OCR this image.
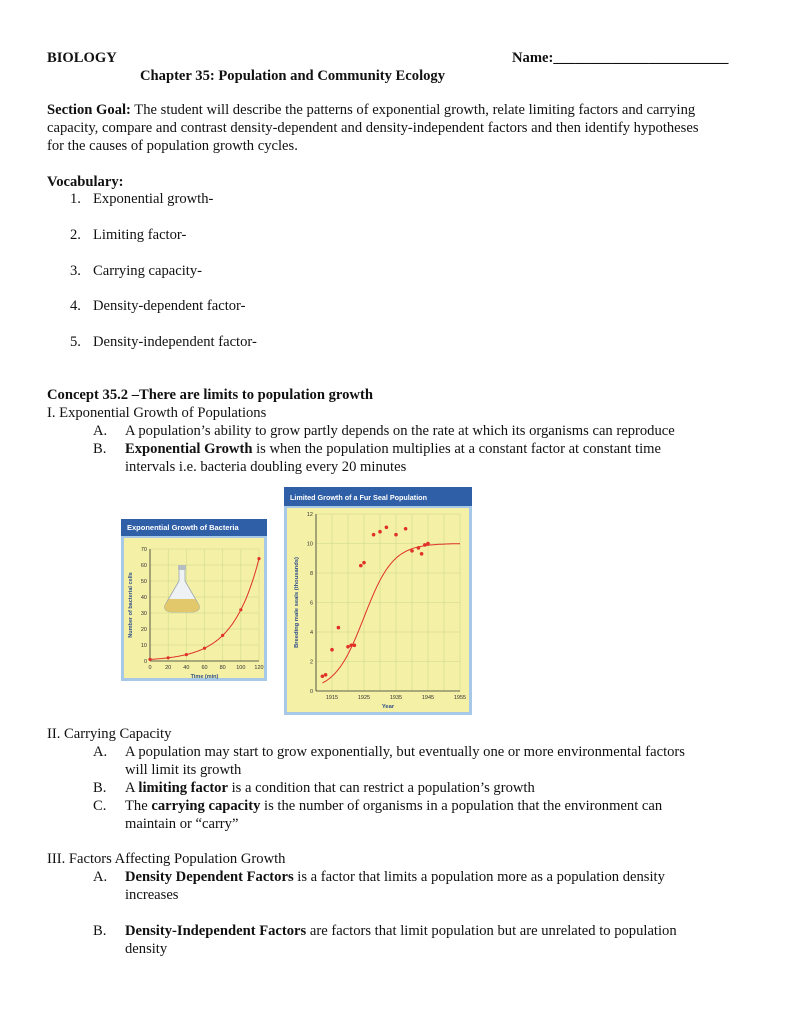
BIOLOGY	Name:________________________
Chapter 35: Population and Community Ecology
Section Goal: The student will describe the patterns of exponential growth, relate limiting factors and carrying
capacity, compare and contrast density-dependent and density-independent factors and then identify hypotheses
for the causes of population growth cycles.
Vocabulary:
1. Exponential growth-
2. Limiting factor-
3. Carrying capacity-
4. Density-dependent factor-
5. Density-independent factor-
Concept 35.2 –There are limits to population growth
I. Exponential Growth of Populations
A. A population’s ability to grow partly depends on the rate at which its organisms can reproduce
B. Exponential Growth is when the population multiplies at a constant factor at constant time
intervals i.e. bacteria doubling every 20 minutes
Exponential Growth of Bacteria
0 20 40 60 80 100 120
0
10
20
30
40
50
60
70
Time (min)
Number of bacterial cells
Limited Growth of a Fur Seal Population
1915	1925	1935	1945	1955
0
2
4
6
8
10
12
Year
Breeding male seals (thousands)
II. Carrying Capacity
A. A population may start to grow exponentially, but eventually one or more environmental factors
will limit its growth
B. A limiting factor is a condition that can restrict a population’s growth
C. The carrying capacity is the number of organisms in a population that the environment can
maintain or “carry”
III. Factors Affecting Population Growth
A. Density Dependent Factors is a factor that limits a population more as a population density
increases
B. Density-Independent Factors are factors that limit population but are unrelated to population
density
